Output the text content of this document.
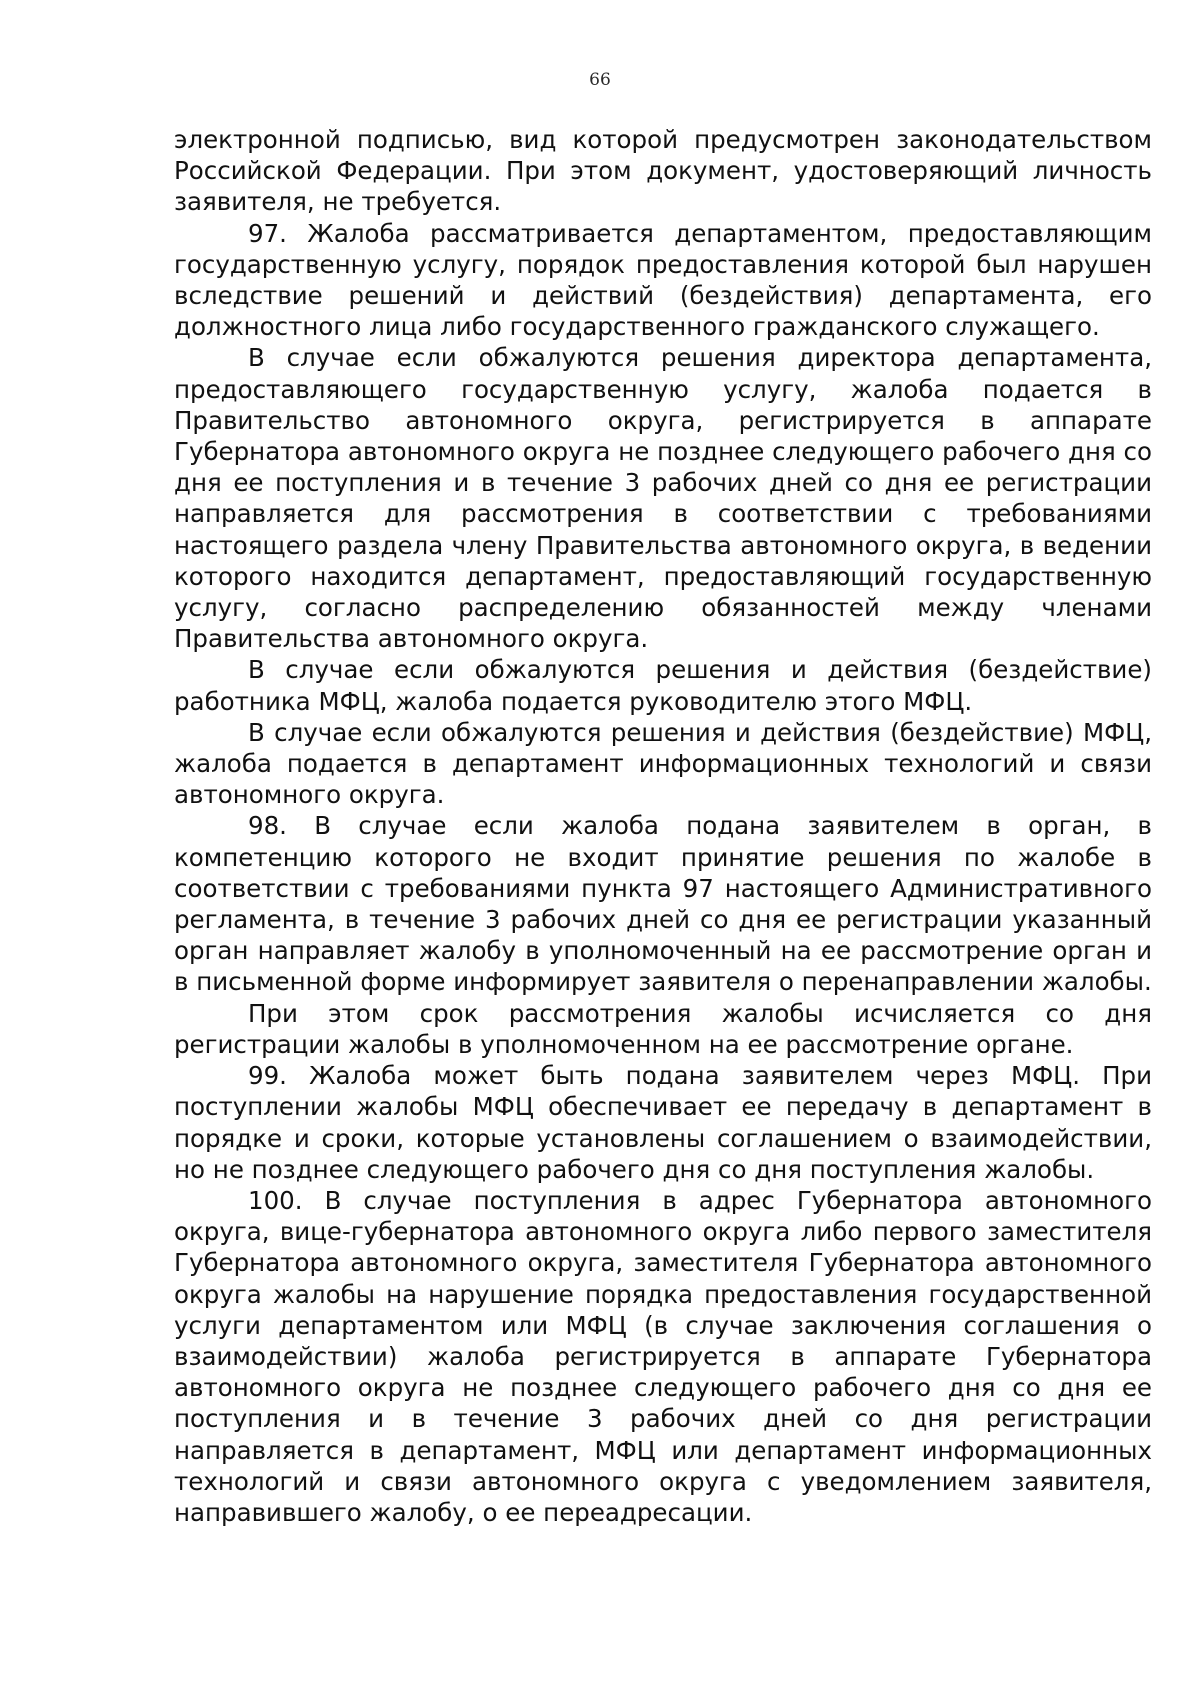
66

электронной подписью, вид которой предусмотрен законодательством Российской Федерации. При этом документ, удостоверяющий личность заявителя, не требуется.

97. Жалоба рассматривается департаментом, предоставляющим государственную услугу, порядок предоставления которой был нарушен вследствие решений и действий (бездействия) департамента, его должностного лица либо государственного гражданского служащего.

В случае если обжалуются решения директора департамента, предоставляющего государственную услугу, жалоба подается в Правительство автономного округа, регистрируется в аппарате Губернатора автономного округа не позднее следующего рабочего дня со дня ее поступления и в течение 3 рабочих дней со дня ее регистрации направляется для рассмотрения в соответствии с требованиями настоящего раздела члену Правительства автономного округа, в ведении которого находится департамент, предоставляющий государственную услугу, согласно распределению обязанностей между членами Правительства автономного округа.

В случае если обжалуются решения и действия (бездействие) работника МФЦ, жалоба подается руководителю этого МФЦ.

В случае если обжалуются решения и действия (бездействие) МФЦ, жалоба подается в департамент информационных технологий и связи автономного округа.

98. В случае если жалоба подана заявителем в орган, в компетенцию которого не входит принятие решения по жалобе в соответствии с требованиями пункта 97 настоящего Административного регламента, в течение 3 рабочих дней со дня ее регистрации указанный орган направляет жалобу в уполномоченный на ее рассмотрение орган и в письменной форме информирует заявителя о перенаправлении жалобы.

При этом срок рассмотрения жалобы исчисляется со дня регистрации жалобы в уполномоченном на ее рассмотрение органе.

99. Жалоба может быть подана заявителем через МФЦ. При поступлении жалобы МФЦ обеспечивает ее передачу в департамент в порядке и сроки, которые установлены соглашением о взаимодействии, но не позднее следующего рабочего дня со дня поступления жалобы.

100. В случае поступления в адрес Губернатора автономного округа, вице-губернатора автономного округа либо первого заместителя Губернатора автономного округа, заместителя Губернатора автономного округа жалобы на нарушение порядка предоставления государственной услуги департаментом или МФЦ (в случае заключения соглашения о взаимодействии) жалоба регистрируется в аппарате Губернатора автономного округа не позднее следующего рабочего дня со дня ее поступления и в течение 3 рабочих дней со дня регистрации направляется в департамент, МФЦ или департамент информационных технологий и связи автономного округа с уведомлением заявителя, направившего жалобу, о ее переадресации.
